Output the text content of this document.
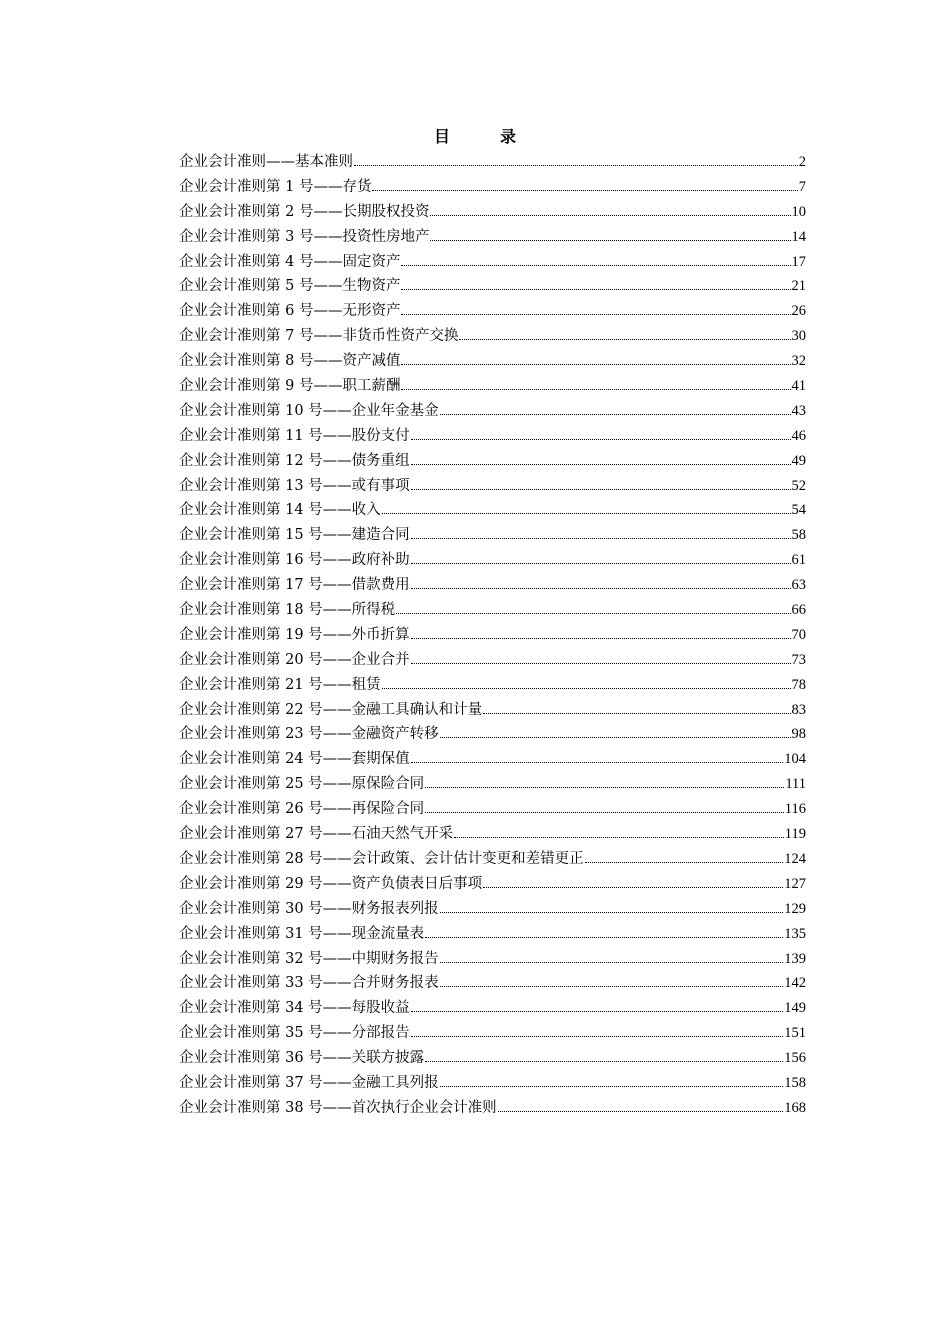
目	录
企业会计准则——基本准则	2
企业会计准则第 1 号——存货	7
企业会计准则第 2 号——长期股权投资	10
企业会计准则第 3 号——投资性房地产	14
企业会计准则第 4 号——固定资产	17
企业会计准则第 5 号——生物资产	21
企业会计准则第 6 号——无形资产	26
企业会计准则第 7 号——非货币性资产交换	30
企业会计准则第 8 号——资产减值	32
企业会计准则第 9 号——职工薪酬	41
企业会计准则第 10 号——企业年金基金	43
企业会计准则第 11 号——股份支付	46
企业会计准则第 12 号——债务重组	49
企业会计准则第 13 号——或有事项	52
企业会计准则第 14 号——收入	54
企业会计准则第 15 号——建造合同	58
企业会计准则第 16 号——政府补助	61
企业会计准则第 17 号——借款费用	63
企业会计准则第 18 号——所得税	66
企业会计准则第 19 号——外币折算	70
企业会计准则第 20 号——企业合并	73
企业会计准则第 21 号——租赁	78
企业会计准则第 22 号——金融工具确认和计量	83
企业会计准则第 23 号——金融资产转移	98
企业会计准则第 24 号——套期保值	104
企业会计准则第 25 号——原保险合同	111
企业会计准则第 26 号——再保险合同	116
企业会计准则第 27 号——石油天然气开采	119
企业会计准则第 28 号——会计政策、会计估计变更和差错更正	124
企业会计准则第 29 号——资产负债表日后事项	127
企业会计准则第 30 号——财务报表列报	129
企业会计准则第 31 号——现金流量表	135
企业会计准则第 32 号——中期财务报告	139
企业会计准则第 33 号——合并财务报表	142
企业会计准则第 34 号——每股收益	149
企业会计准则第 35 号——分部报告	151
企业会计准则第 36 号——关联方披露	156
企业会计准则第 37 号——金融工具列报	158
企业会计准则第 38 号——首次执行企业会计准则	168
